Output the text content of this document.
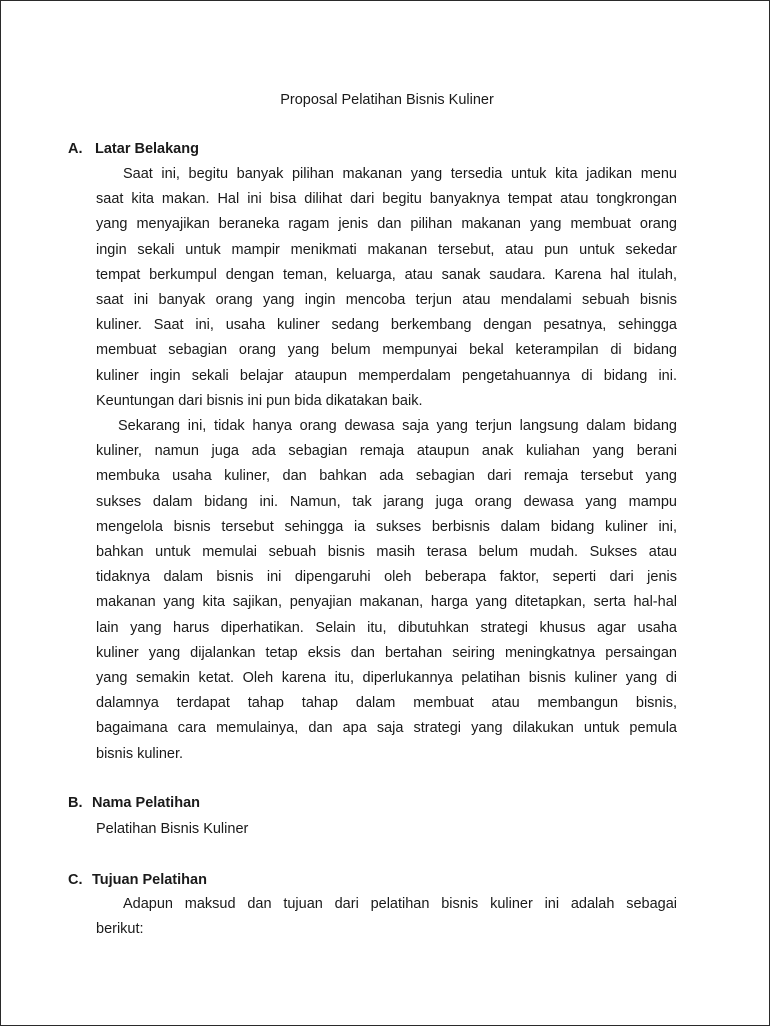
Proposal Pelatihan Bisnis Kuliner
A. Latar Belakang
Saat ini, begitu banyak pilihan makanan yang tersedia untuk kita jadikan menu
saat kita makan. Hal ini bisa dilihat dari begitu banyaknya tempat atau tongkrongan
yang menyajikan beraneka ragam jenis dan pilihan makanan yang membuat orang
ingin sekali untuk mampir menikmati makanan tersebut, atau pun untuk sekedar
tempat berkumpul dengan teman, keluarga, atau sanak saudara. Karena hal itulah,
saat ini banyak orang yang ingin mencoba terjun atau mendalami sebuah bisnis
kuliner. Saat ini, usaha kuliner sedang berkembang dengan pesatnya, sehingga
membuat sebagian orang yang belum mempunyai bekal keterampilan di bidang
kuliner ingin sekali belajar ataupun memperdalam pengetahuannya di bidang ini.
Keuntungan dari bisnis ini pun bida dikatakan baik.
Sekarang ini, tidak hanya orang dewasa saja yang terjun langsung dalam bidang
kuliner, namun juga ada sebagian remaja ataupun anak kuliahan yang berani
membuka usaha kuliner, dan bahkan ada sebagian dari remaja tersebut yang
sukses dalam bidang ini. Namun, tak jarang juga orang dewasa yang mampu
mengelola bisnis tersebut sehingga ia sukses berbisnis dalam bidang kuliner ini,
bahkan untuk memulai sebuah bisnis masih terasa belum mudah. Sukses atau
tidaknya dalam bisnis ini dipengaruhi oleh beberapa faktor, seperti dari jenis
makanan yang kita sajikan, penyajian makanan, harga yang ditetapkan, serta hal-hal
lain yang harus diperhatikan. Selain itu, dibutuhkan strategi khusus agar usaha
kuliner yang dijalankan tetap eksis dan bertahan seiring meningkatnya persaingan
yang semakin ketat. Oleh karena itu, diperlukannya pelatihan bisnis kuliner yang di
dalamnya terdapat tahap tahap dalam membuat atau membangun bisnis,
bagaimana cara memulainya, dan apa saja strategi yang dilakukan untuk pemula
bisnis kuliner.
B. Nama Pelatihan
Pelatihan Bisnis Kuliner
C. Tujuan Pelatihan
Adapun maksud dan tujuan dari pelatihan bisnis kuliner ini adalah sebagai
berikut:
